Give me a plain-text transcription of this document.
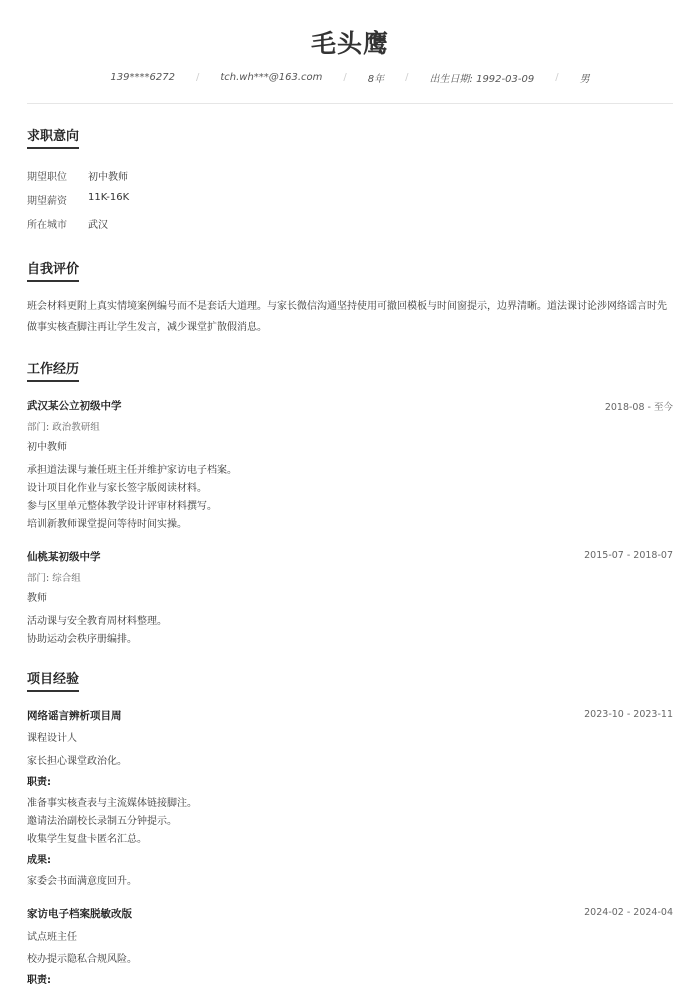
毛头鹰
139****6272	/	tch.wh***@163.com	/	8年	/	出生日期: 1992-03-09	/	男
求职意向
期望职位 初中教师
期望薪资 11K-16K
所在城市 武汉
自我评价
班会材料更附上真实情境案例编号而不是套话大道理。与家长微信沟通坚持使用可撤回模板与时间窗提示，边界清晰。道法课讨论涉网络谣言时先做事实核查脚注再让学生发言，减少课堂扩散假消息。
工作经历
武汉某公立初级中学	2018-08 - 至今
部门: 政治教研组
初中教师
承担道法课与兼任班主任并维护家访电子档案。
设计项目化作业与家长签字版阅读材料。
参与区里单元整体教学设计评审材料撰写。
培训新教师课堂提问等待时间实操。
仙桃某初级中学	2015-07 - 2018-07
部门: 综合组
教师
活动课与安全教育周材料整理。
协助运动会秩序册编排。
项目经验
网络谣言辨析项目周	2023-10 - 2023-11
课程设计人
家长担心课堂政治化。
职责:
准备事实核查表与主流媒体链接脚注。
邀请法治副校长录制五分钟提示。
收集学生复盘卡匿名汇总。
成果:
家委会书面满意度回升。
家访电子档案脱敏改版	2024-02 - 2024-04
试点班主任
校办提示隐私合规风险。
职责:
